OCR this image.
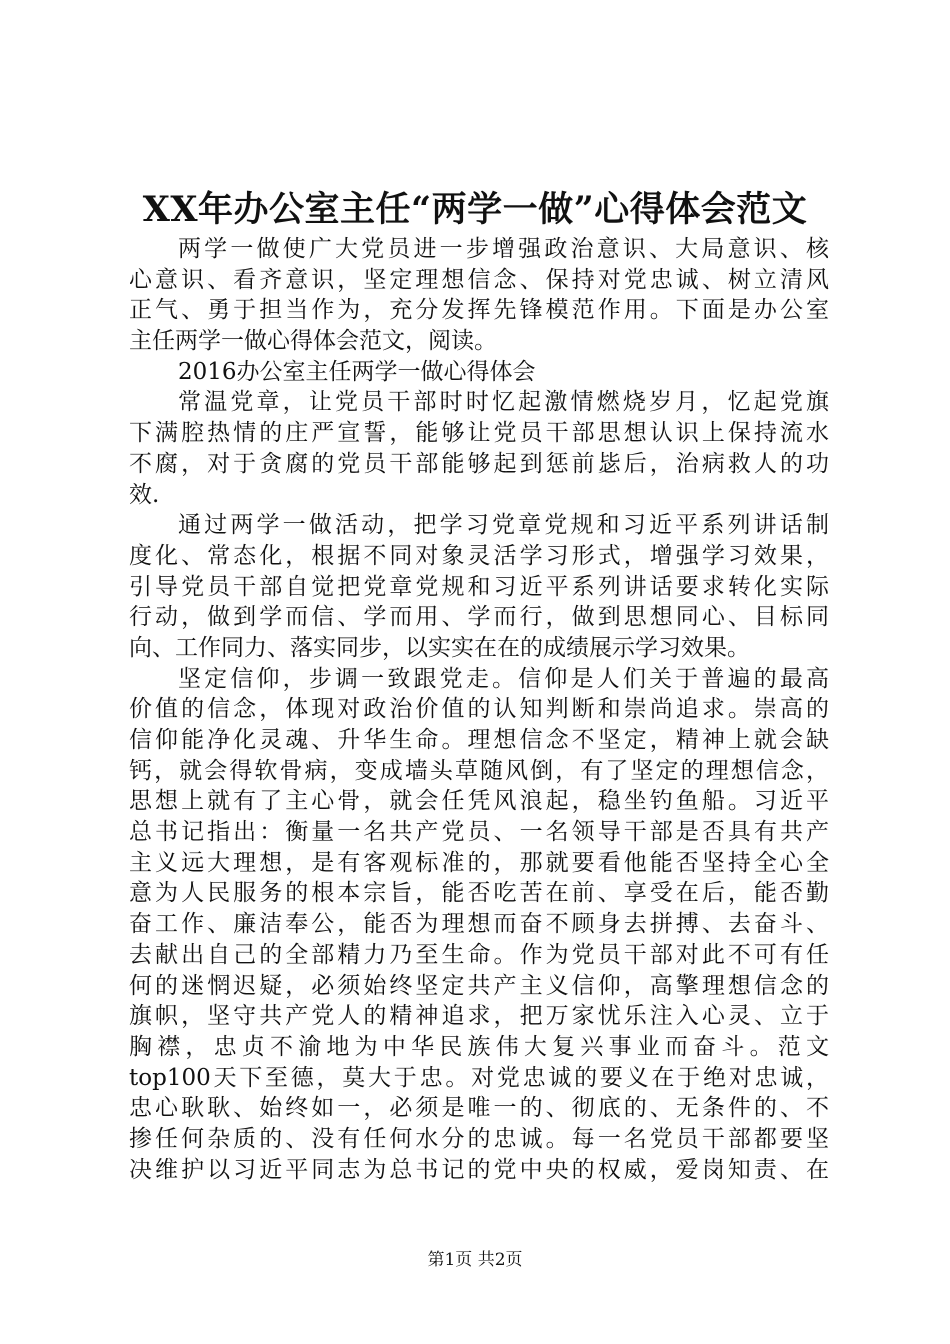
XX年办公室主任“两学一做”心得体会范文
两学一做使广大党员进一步增强政治意识、大局意识、核
心意识、看齐意识，坚定理想信念、保持对党忠诚、树立清风
正气、勇于担当作为，充分发挥先锋模范作用。下面是办公室
主任两学一做心得体会范文，阅读。
2016办公室主任两学一做心得体会
常温党章，让党员干部时时忆起激情燃烧岁月，忆起党旗
下满腔热情的庄严宣誓，能够让党员干部思想认识上保持流水
不腐，对于贪腐的党员干部能够起到惩前毖后，治病救人的功
效.
通过两学一做活动，把学习党章党规和习近平系列讲话制
度化、常态化，根据不同对象灵活学习形式，增强学习效果，
引导党员干部自觉把党章党规和习近平系列讲话要求转化实际
行动，做到学而信、学而用、学而行，做到思想同心、目标同
向、工作同力、落实同步，以实实在在的成绩展示学习效果。
坚定信仰，步调一致跟党走。信仰是人们关于普遍的最高
价值的信念，体现对政治价值的认知判断和崇尚追求。崇高的
信仰能净化灵魂、升华生命。理想信念不坚定，精神上就会缺
钙，就会得软骨病，变成墙头草随风倒，有了坚定的理想信念，
思想上就有了主心骨，就会任凭风浪起，稳坐钓鱼船。习近平
总书记指出：衡量一名共产党员、一名领导干部是否具有共产
主义远大理想，是有客观标准的，那就要看他能否坚持全心全
意为人民服务的根本宗旨，能否吃苦在前、享受在后，能否勤
奋工作、廉洁奉公，能否为理想而奋不顾身去拼搏、去奋斗、
去献出自己的全部精力乃至生命。作为党员干部对此不可有任
何的迷惘迟疑，必须始终坚定共产主义信仰，高擎理想信念的
旗帜，坚守共产党人的精神追求，把万家忧乐注入心灵、立于
胸襟，忠贞不渝地为中华民族伟大复兴事业而奋斗。范文
top100天下至德，莫大于忠。对党忠诚的要义在于绝对忠诚，
忠心耿耿、始终如一，必须是唯一的、彻底的、无条件的、不
掺任何杂质的、没有任何水分的忠诚。每一名党员干部都要坚
决维护以习近平同志为总书记的党中央的权威，爱岗知责、在
第1页 共2页
